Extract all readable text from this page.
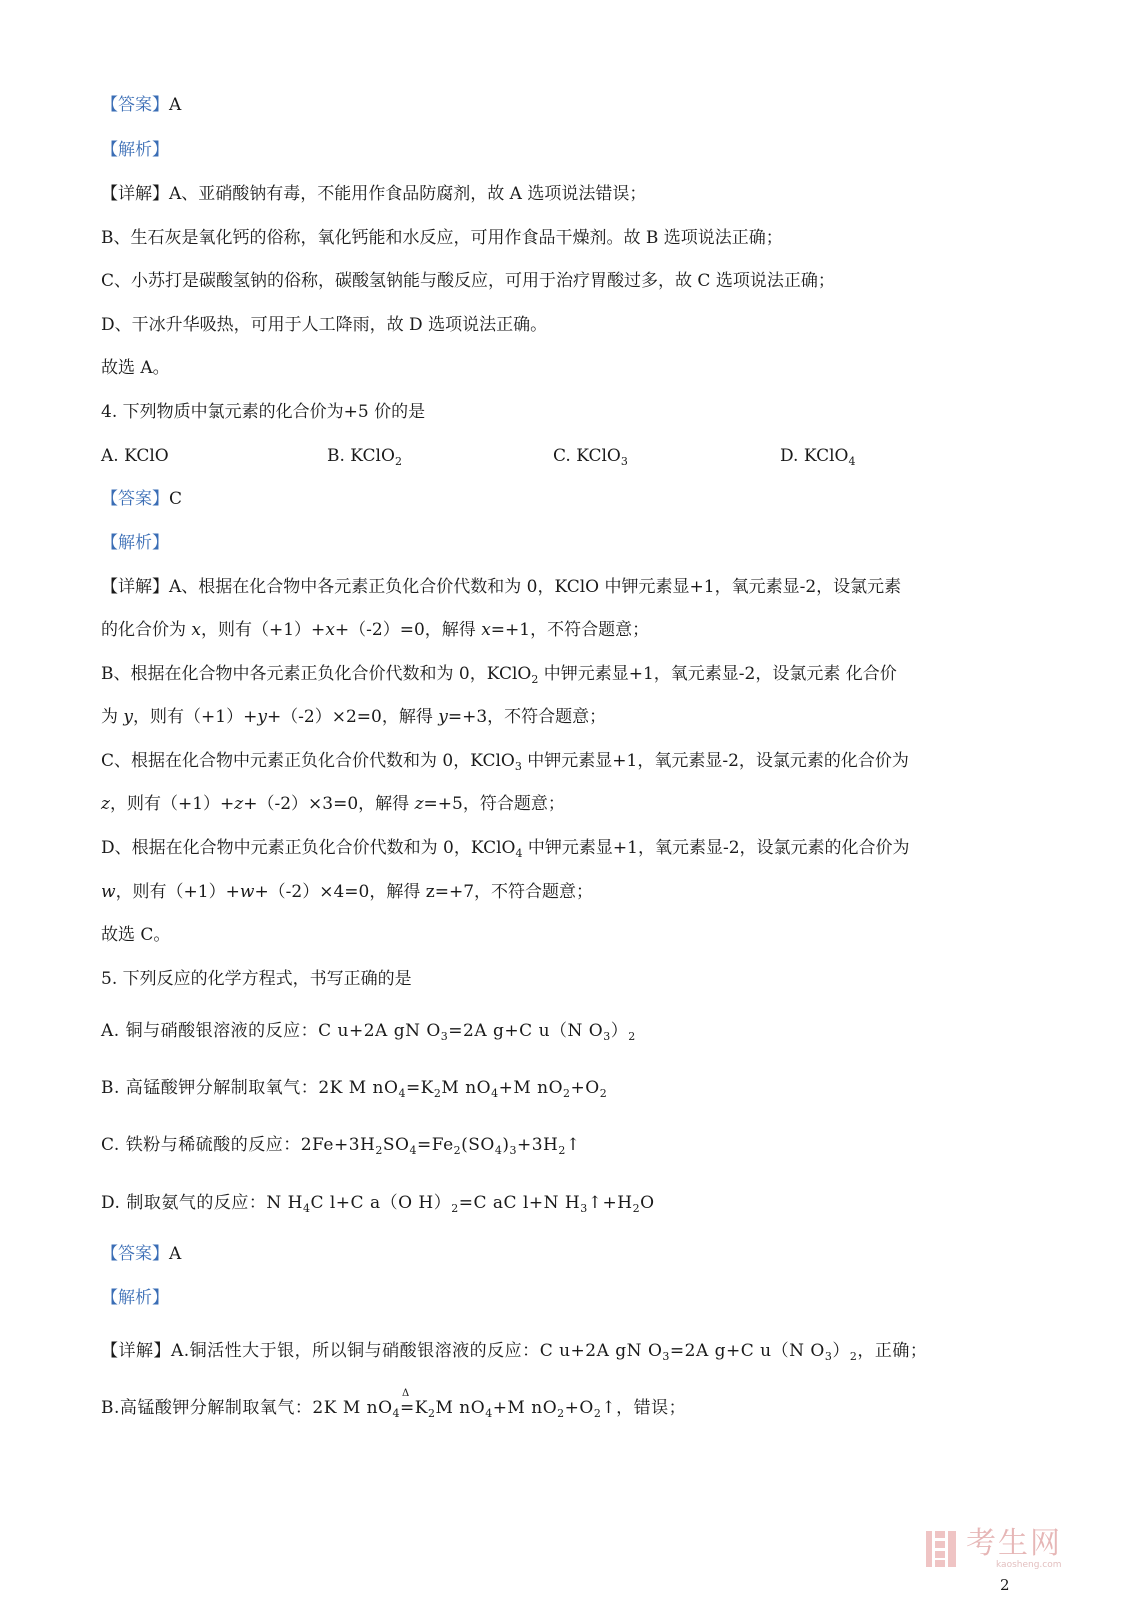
【答案】A
【解析】
【详解】A、亚硝酸钠有毒，不能用作食品防腐剂，故 A 选项说法错误；
B、生石灰是氧化钙的俗称，氧化钙能和水反应，可用作食品干燥剂。故 B 选项说法正确；
C、小苏打是碳酸氢钠的俗称，碳酸氢钠能与酸反应，可用于治疗胃酸过多，故 C 选项说法正确；
D、干冰升华吸热，可用于人工降雨，故 D 选项说法正确。
故选 A。
4. 下列物质中氯元素的化合价为+5 价的是
A. KClO	B. KClO$_2$	C. KClO$_3$	D. KClO$_4$
【答案】C
【解析】
【详解】A、根据在化合物中各元素正负化合价代数和为 0，KClO 中钾元素显+1，氧元素显-2，设氯元素
的化合价为 x，则有（+1）+x+（-2）=0，解得 x=+1，不符合题意；
B、根据在化合物中各元素正负化合价代数和为 0，KClO$_2$ 中钾元素显+1，氧元素显-2，设氯元素 化合价
为 y，则有（+1）+y+（-2）×2=0，解得 y=+3，不符合题意；
C、根据在化合物中元素正负化合价代数和为 0，KClO$_3$ 中钾元素显+1，氧元素显-2，设氯元素的化合价为
z，则有（+1）+z+（-2）×3=0，解得 z=+5，符合题意；
D、根据在化合物中元素正负化合价代数和为 0，KClO$_4$ 中钾元素显+1，氧元素显-2，设氯元素的化合价为
w，则有（+1）+w+（-2）×4=0，解得 z=+7，不符合题意；
故选 C。
5. 下列反应的化学方程式，书写正确的是
A. 铜与硝酸银溶液的反应：C u+2A gN $O_3=2A$ g+C u（N $O_3)_2$
B. 高锰酸钾分解制取氧气：2K M $nO_4=K_2M$ $nO_4+M$ $nO_2+O_2$
C. 铁粉与稀硫酸的反应：$2Fe+3H_2SO_4=Fe_2(SO_4)_3+3H_2↑$
D. 制取氨气的反应：N $H_4C$ l+C a（O $H)_2=C$ aC l+N $H_3↑+H_2O$
【答案】A
【解析】
【详解】A.铜活性大于银，所以铜与硝酸银溶液的反应：C u+2A gN $O_3=2A$ g+C u（N $O_3)_2$，正确；
B.高锰酸钾分解制取氧气：2K M $nO_4=$
Δ
$K_2M$ $nO_4+M$ $nO_2+O_2↑$，错误；
考生网
kaosheng.com
2
